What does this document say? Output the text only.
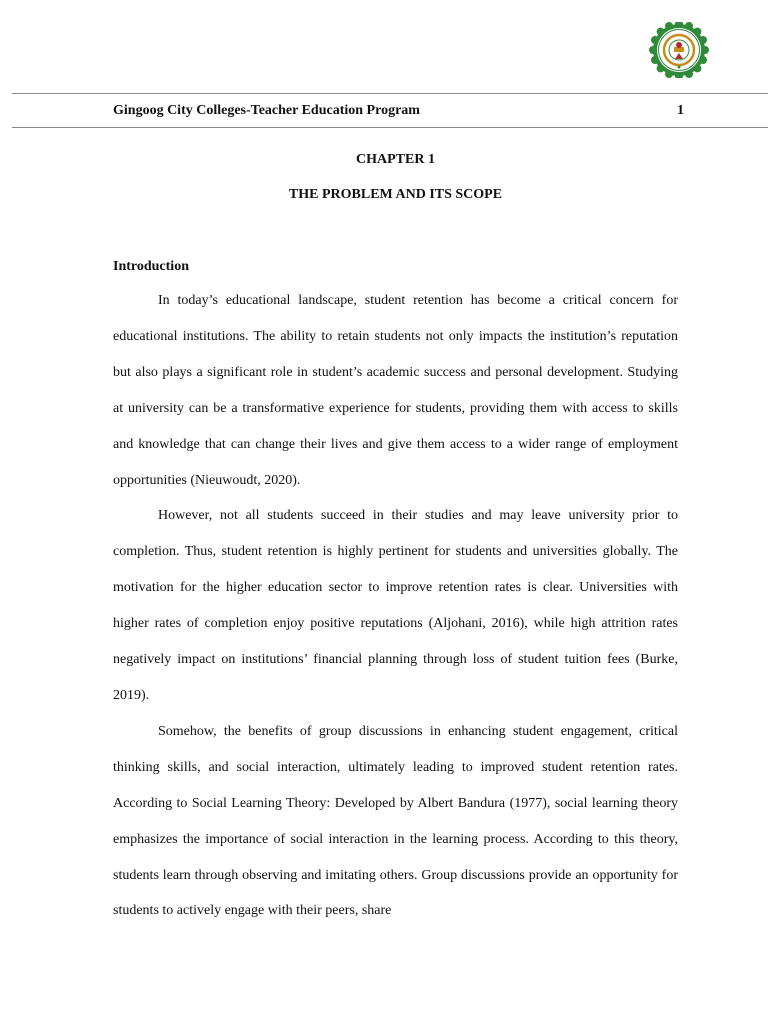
Gingoog City Colleges-Teacher Education Program	1
CHAPTER 1
THE PROBLEM AND ITS SCOPE
Introduction

In today’s educational landscape, student retention has become a critical concern for educational institutions. The ability to retain students not only impacts the institution’s reputation but also plays a significant role in student’s academic success and personal development. Studying at university can be a transformative experience for students, providing them with access to skills and knowledge that can change their lives and give them access to a wider range of employment opportunities (Nieuwoudt, 2020).

However, not all students succeed in their studies and may leave university prior to completion. Thus, student retention is highly pertinent for students and universities globally. The motivation for the higher education sector to improve retention rates is clear. Universities with higher rates of completion enjoy positive reputations (Aljohani, 2016), while high attrition rates negatively impact on institutions’ financial planning through loss of student tuition fees (Burke, 2019).

Somehow, the benefits of group discussions in enhancing student engagement, critical thinking skills, and social interaction, ultimately leading to improved student retention rates. According to Social Learning Theory: Developed by Albert Bandura (1977), social learning theory emphasizes the importance of social interaction in the learning process. According to this theory, students learn through observing and imitating others. Group discussions provide an opportunity for students to actively engage with their peers, share
